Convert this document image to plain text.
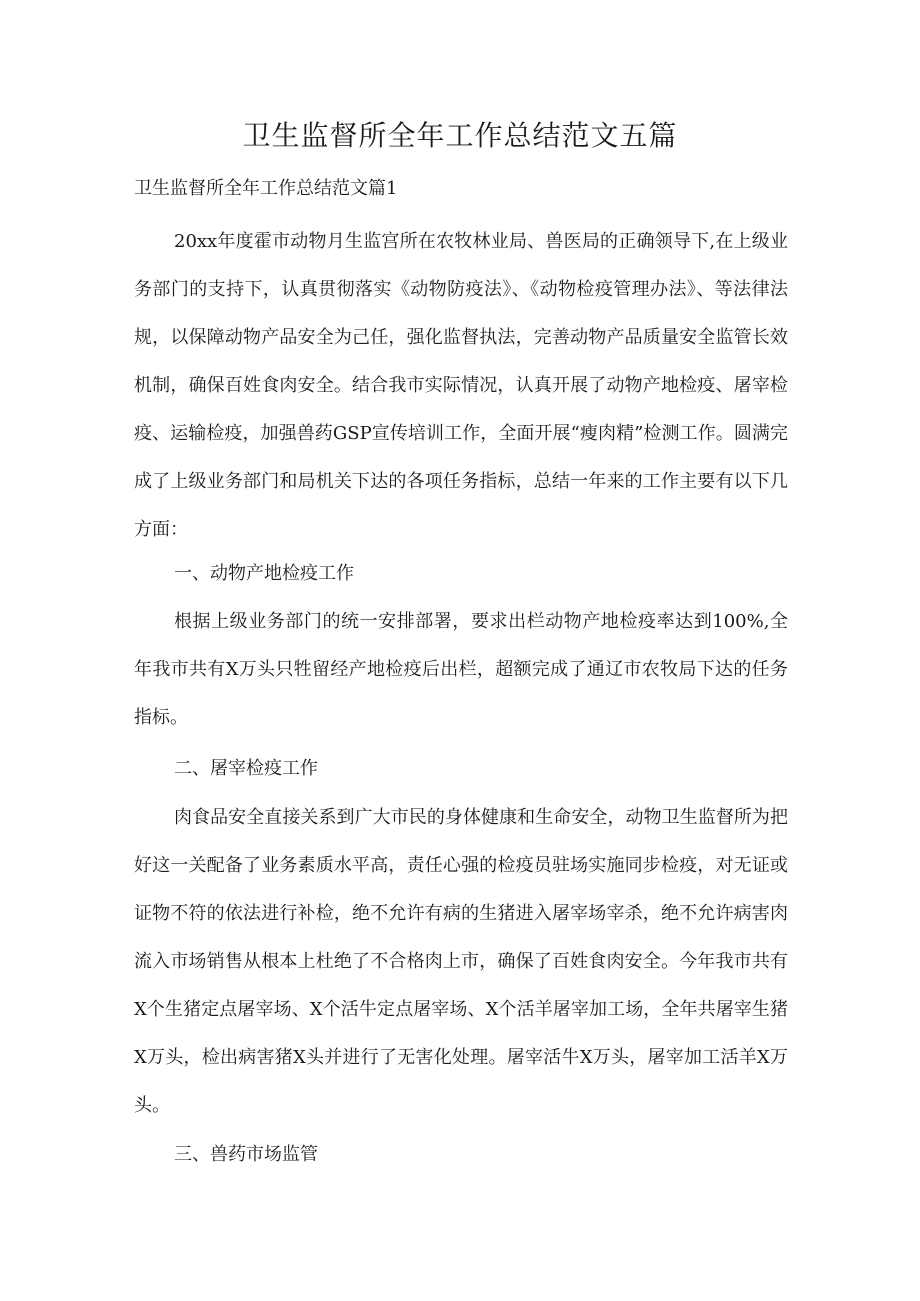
卫生监督所全年工作总结范文五篇
卫生监督所全年工作总结范文篇1

20xx年度霍市动物月生监宫所在农牧林业局、兽医局的正确领导下,在上级业务部门的支持下，认真贯彻落实《动物防疫法》、《动物检疫管理办法》、等法律法规，以保障动物产品安全为己任，强化监督执法，完善动物产品质量安全监管长效机制，确保百姓食肉安全。结合我市实际情况，认真开展了动物产地检疫、屠宰检疫、运输检疫，加强兽药GSP宣传培训工作，全面开展“瘦肉精”检测工作。圆满完成了上级业务部门和局机关下达的各项任务指标，总结一年来的工作主要有以下几方面：

一、动物产地检疫工作

根据上级业务部门的统一安排部署，要求出栏动物产地检疫率达到100%,全年我市共有X万头只牲留经产地检疫后出栏，超额完成了通辽市农牧局下达的任务指标。

二、屠宰检疫工作

肉食品安全直接关系到广大市民的身体健康和生命安全，动物卫生监督所为把好这一关配备了业务素质水平高，责任心强的检疫员驻场实施同步检疫，对无证或证物不符的依法进行补检，绝不允许有病的生猪进入屠宰场宰杀，绝不允许病害肉流入市场销售从根本上杜绝了不合格肉上市，确保了百姓食肉安全。今年我市共有X个生猪定点屠宰场、X个活牛定点屠宰场、X个活羊屠宰加工场，全年共屠宰生猪X万头，检出病害猪X头并进行了无害化处理。屠宰活牛X万头，屠宰加工活羊X万头。

三、兽药市场监管
